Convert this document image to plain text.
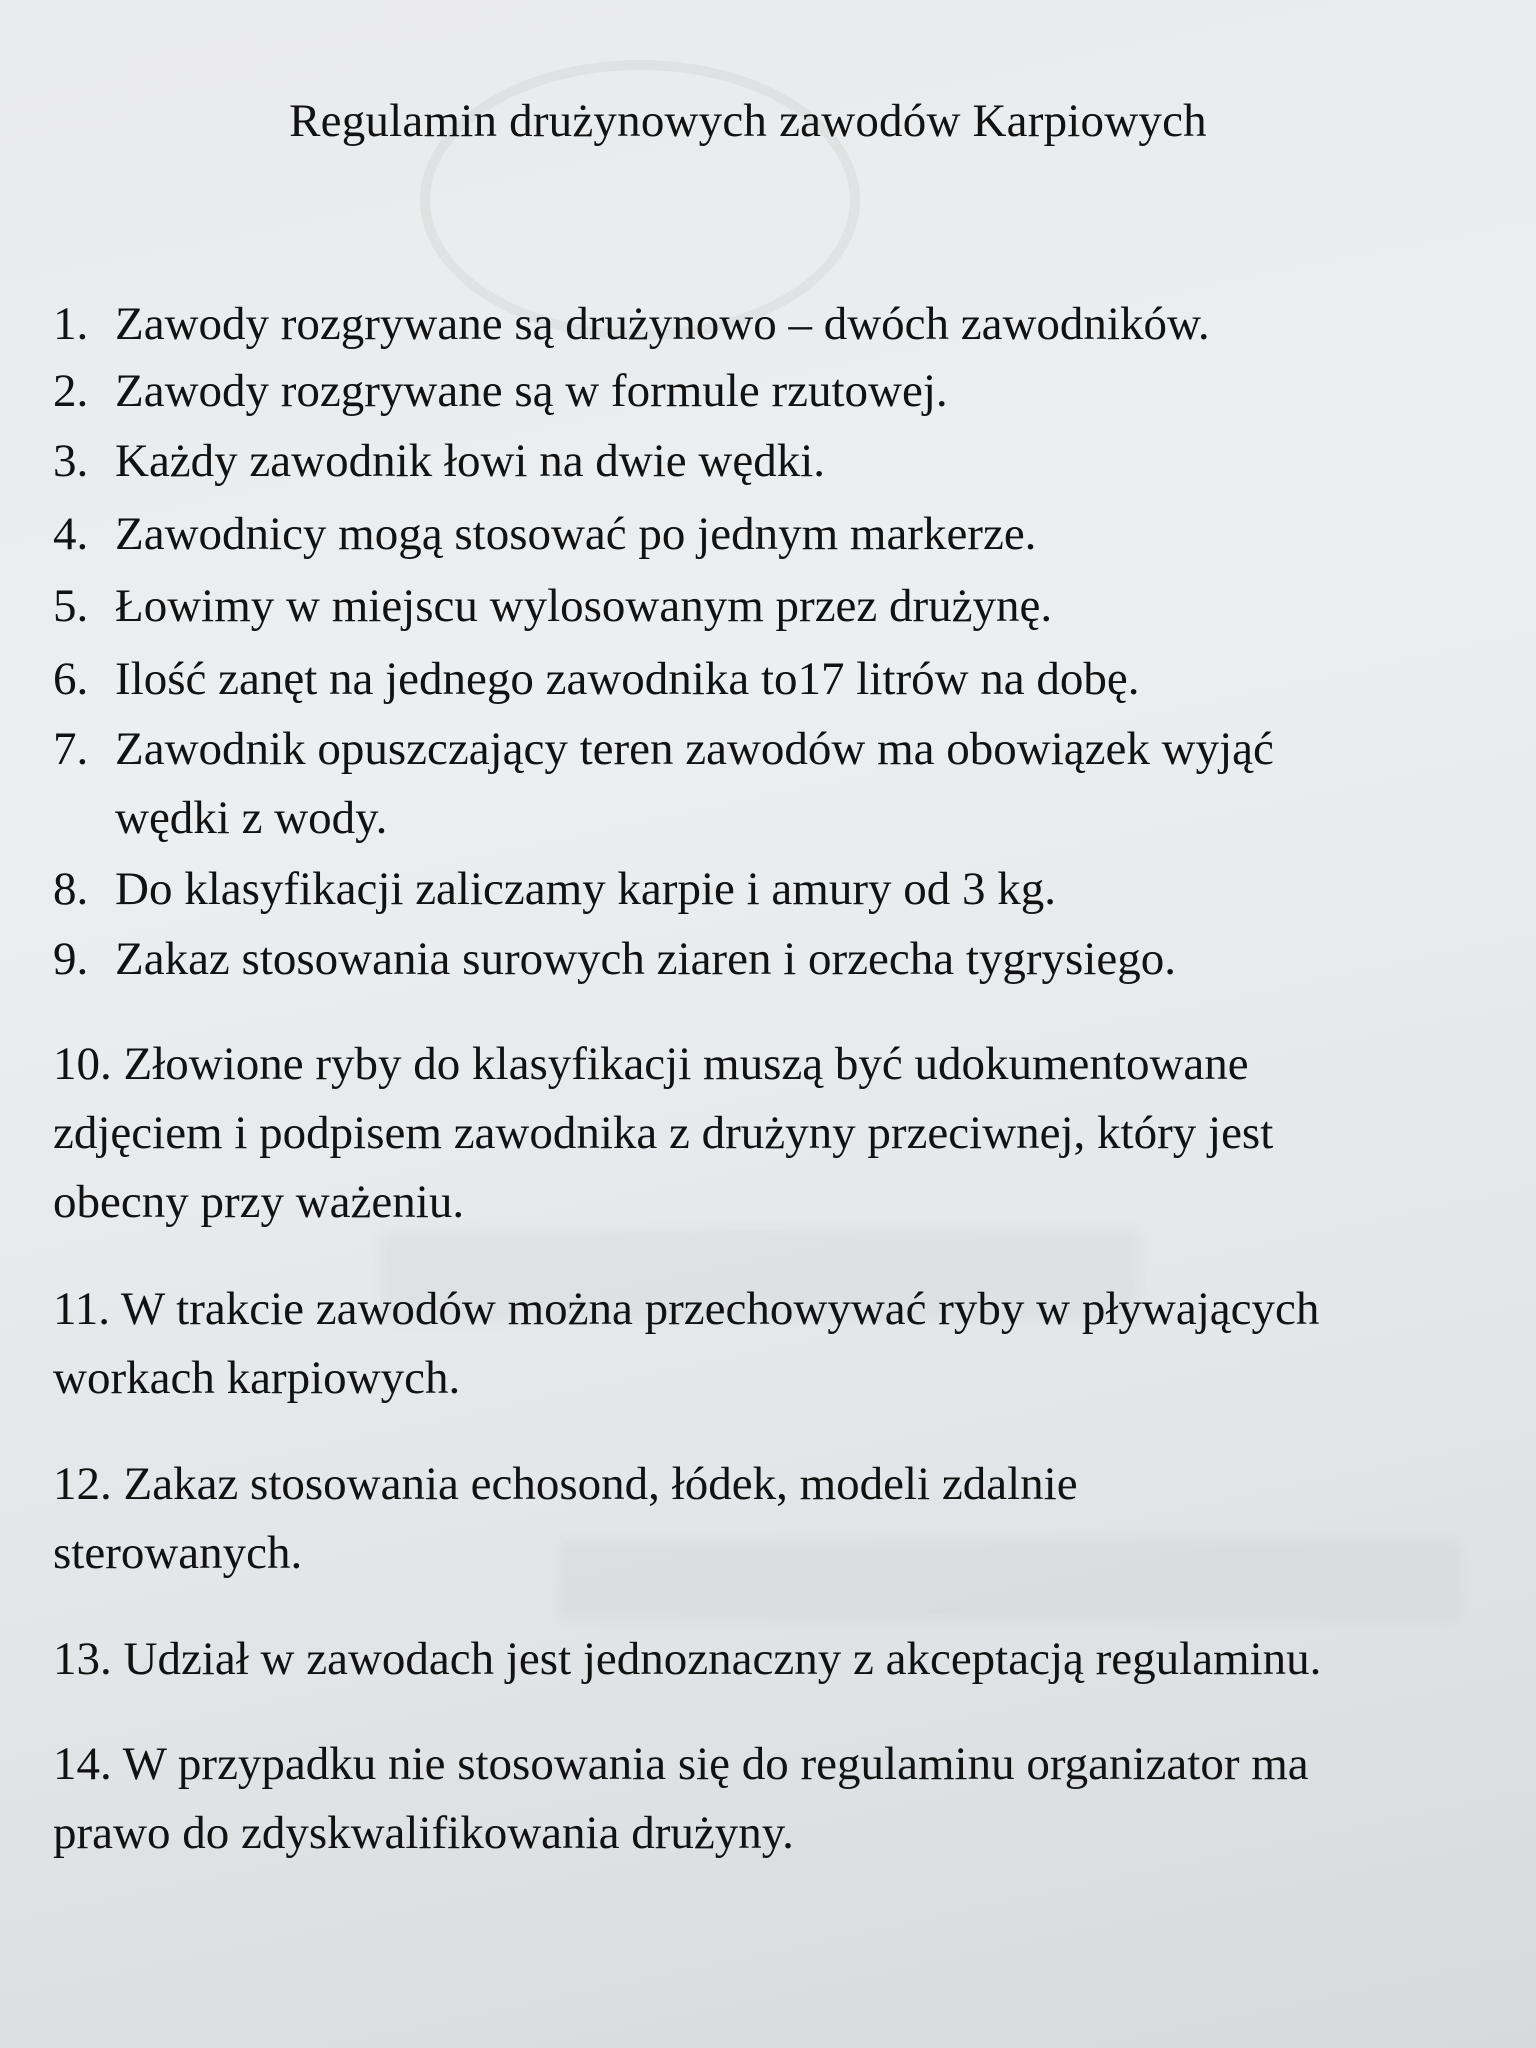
Regulamin drużynowych zawodów Karpiowych
1. Zawody rozgrywane są drużynowo – dwóch zawodników.
2. Zawody rozgrywane są w formule rzutowej.
3. Każdy zawodnik łowi na dwie wędki.
4. Zawodnicy mogą stosować po jednym markerze.
5. Łowimy w miejscu wylosowanym przez drużynę.
6. Ilość zanęt na jednego zawodnika to17 litrów na dobę.
7. Zawodnik opuszczający teren zawodów ma obowiązek wyjąć
wędki z wody.
8. Do klasyfikacji zaliczamy karpie i amury od 3 kg.
9. Zakaz stosowania surowych ziaren i orzecha tygrysiego.
10. Złowione ryby do klasyfikacji muszą być udokumentowane
zdjęciem i podpisem zawodnika z drużyny przeciwnej, który jest
obecny przy ważeniu.
11. W trakcie zawodów można przechowywać ryby w pływających
workach karpiowych.
12. Zakaz stosowania echosond, łódek, modeli zdalnie
sterowanych.
13. Udział w zawodach jest jednoznaczny z akceptacją regulaminu.
14. W przypadku nie stosowania się do regulaminu organizator ma
prawo do zdyskwalifikowania drużyny.
